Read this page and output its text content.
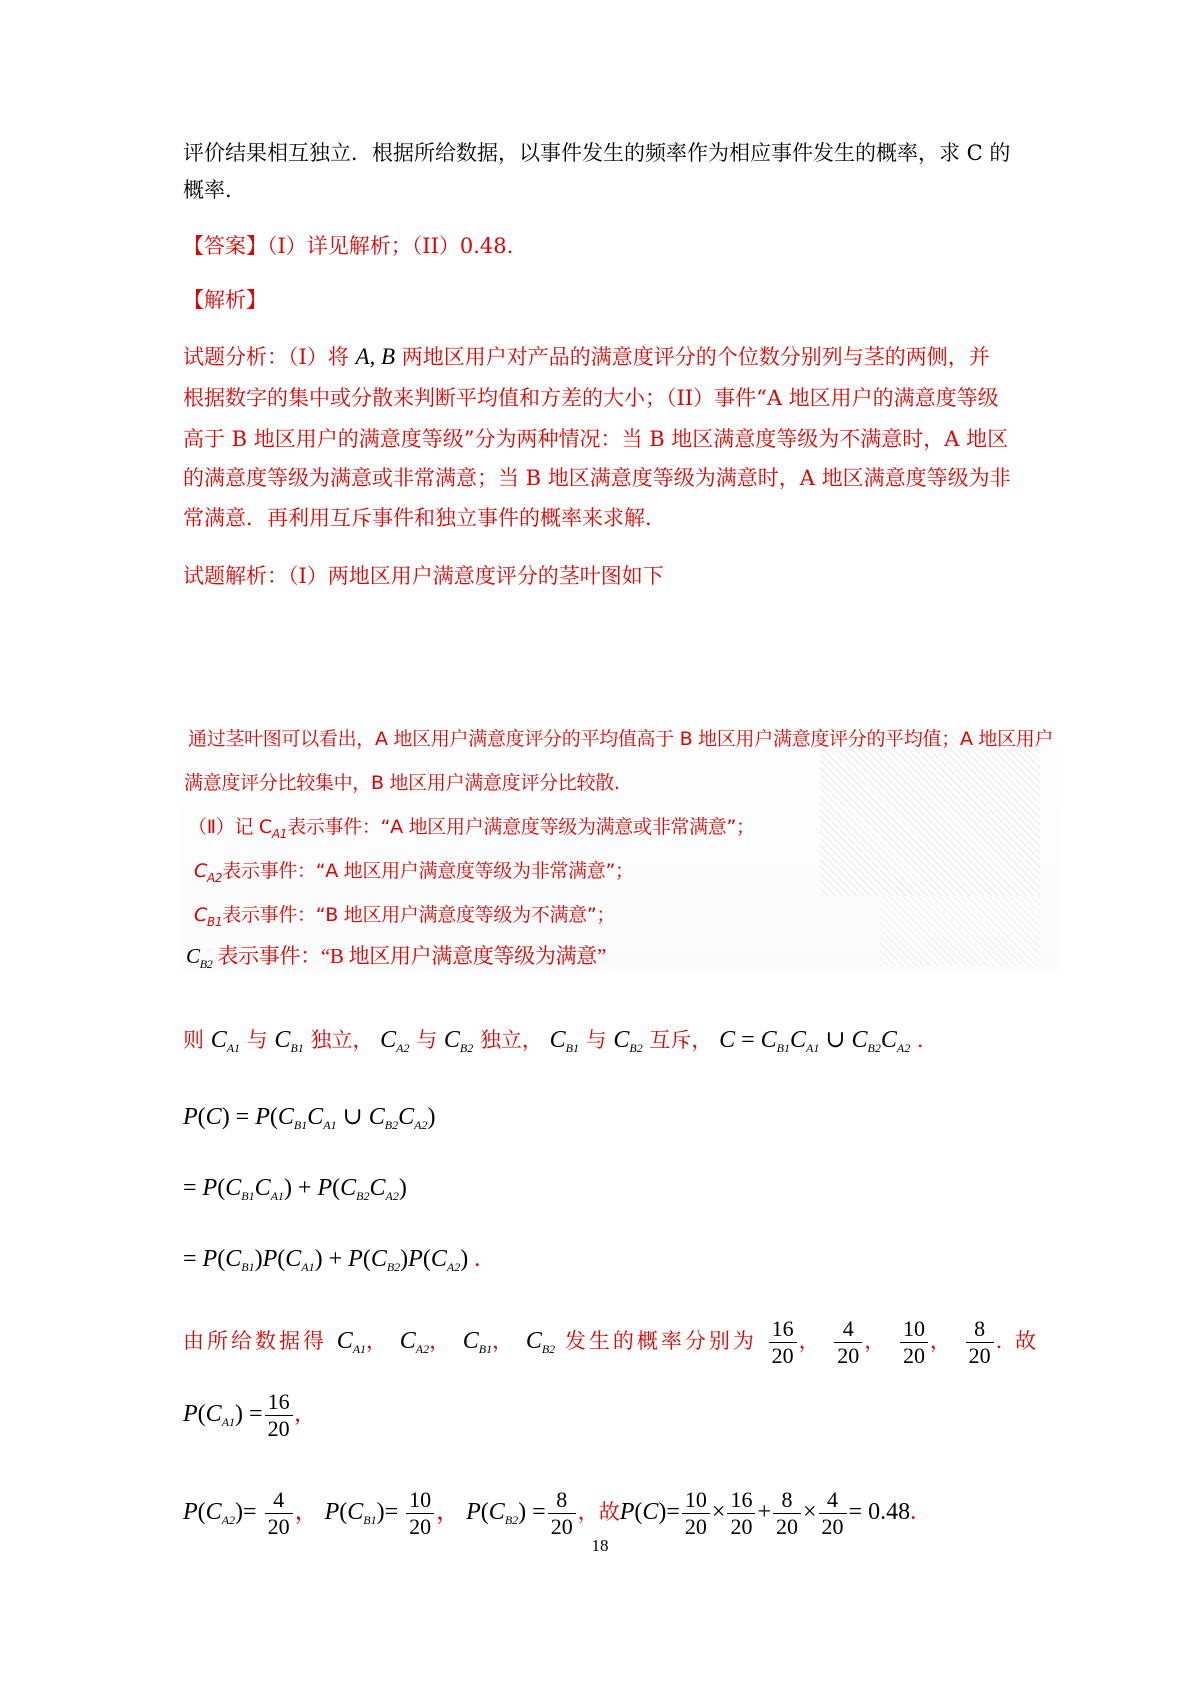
评价结果相互独立．根据所给数据，以事件发生的频率作为相应事件发生的概率，求 C 的
概率.
【答案】（Ⅰ）详见解析；（II）0.48.
【解析】
试题分析：（Ⅰ）将 A, B 两地区用户对产品的满意度评分的个位数分别列与茎的两侧，并
根据数字的集中或分散来判断平均值和方差的大小；（II）事件“A 地区用户的满意度等级
高于 B 地区用户的满意度等级”分为两种情况：当 B 地区满意度等级为不满意时，A 地区
的满意度等级为满意或非常满意；当 B 地区满意度等级为满意时，A 地区满意度等级为非
常满意．再利用互斥事件和独立事件的概率来求解.
试题解析：（Ⅰ）两地区用户满意度评分的茎叶图如下
通过茎叶图可以看出，A 地区用户满意度评分的平均值高于 B 地区用户满意度评分的平均值；A 地区用户
满意度评分比较集中，B 地区用户满意度评分比较散.
（Ⅱ）记 $C_{A1}$表示事件：“A 地区用户满意度等级为满意或非常满意”；
$C_{A2}$表示事件：“A 地区用户满意度等级为非常满意”；
$C_{B1}$表示事件：“B 地区用户满意度等级为不满意”；
$C_{B2}$ 表示事件：“B 地区用户满意度等级为满意”
则 $C_{A1}$ 与 $C_{B1}$ 独立， $C_{A2}$ 与 $C_{B2}$ 独立， $C_{B1}$ 与 $C_{B2}$ 互斥， $C = C_{B1}C_{A1}$ ∪ $C_{B2}C_{A2}$ .
$P(C) = P(C_{B1}C_{A1}$ ∪ $C_{B2}C_{A2}$)
= $P(C_{B1}C_{A1}) + P(C_{B2}C_{A2})$
= $P(C_{B1})P(C_{A1}) + P(C_{B2})P(C_{A2})$ .
由所给数据得 $C_{A1}$， $C_{A2}$， $C_{B1}$， $C_{B2}$ 发生的概率分别为 $\frac{16}{20}$ ， $\frac{4}{20}$ ， $\frac{10}{20}$ ， $\frac{8}{20}$ . 故
$P(C_{A1}) = \frac{16}{20}$ ,
$P(C_{A2})= \frac{4}{20}$ ， $P(C_{B1})= \frac{10}{20}$ ， $P(C_{B2}) = \frac{8}{20}$ ，故$P(C)= \frac{10}{20} \times \frac{16}{20} + \frac{8}{20} \times \frac{4}{20} = 0.48$.
18
